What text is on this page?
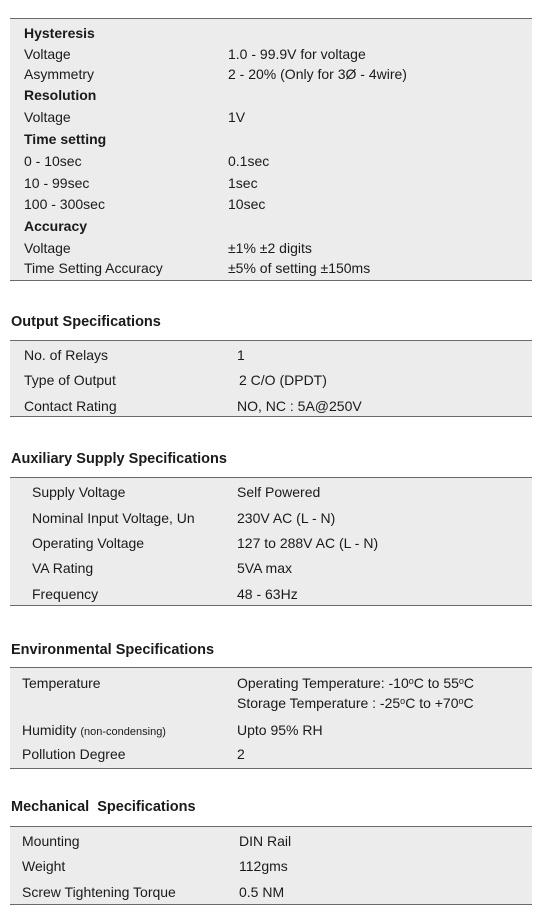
Hysteresis
Voltage	1.0 - 99.9V for voltage
Asymmetry	2 - 20% (Only for 3Ø - 4wire)
Resolution
Voltage	1V
Time setting
0 - 10sec	0.1sec
10 - 99sec	1sec
100 - 300sec	10sec
Accuracy
Voltage	±1% ±2 digits
Time Setting Accuracy	±5% of setting ±150ms
Output Specifications
No. of Relays	1
Type of Output	2 C/O (DPDT)
Contact Rating	NO, NC : 5A@250V
Auxiliary Supply Specifications
Supply Voltage	Self Powered
Nominal Input Voltage, Un	230V AC (L - N)
Operating Voltage	127 to 288V AC (L - N)
VA Rating	5VA max
Frequency	48 - 63Hz
Environmental Specifications
Temperature	Operating Temperature: -10$^o$C to 55$^o$C
Storage Temperature : -25$^o$C to $+70^oC$
Humidity (non-condensing)	Upto 95% RH
Pollution Degree	2
Mechanical  Specifications
Mounting	DIN Rail
Weight	112gms
Screw Tightening Torque	0.5 NM
